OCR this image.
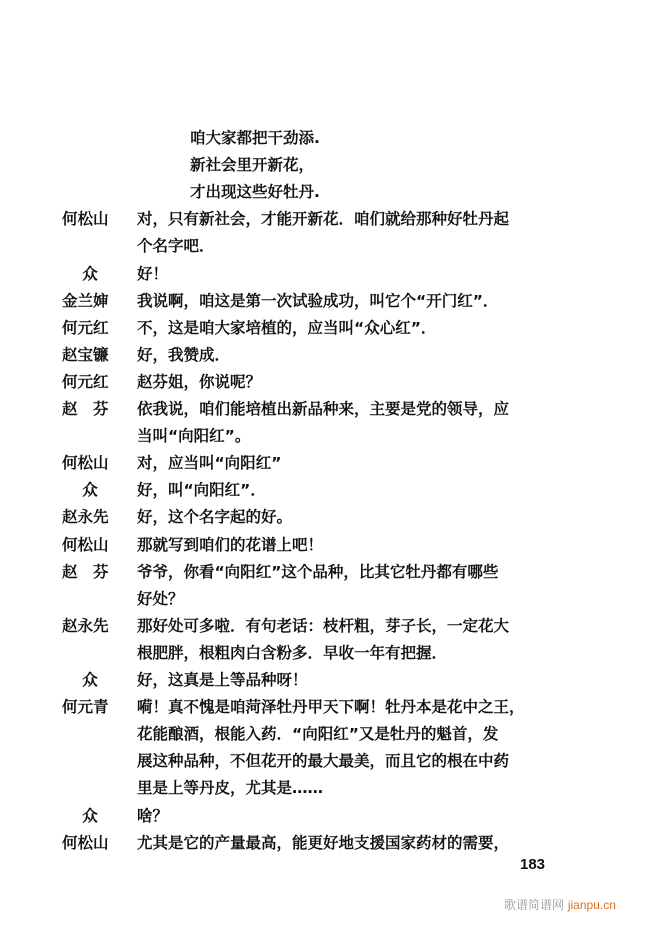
咱大家都把干劲添.
新社会里开新花，
才出现这些好牡丹.
何松山	对，只有新社会，才能开新花．咱们就给那种好牡丹起
个名字吧．
众	好！
金兰婶	我说啊，咱这是第一次试验成功，叫它个“开门红”．
何元红	不，这是咱大家培植的，应当叫“众心红”．
赵宝镰	好，我赞成．
何元红	赵芬姐，你说呢？
赵　芬	依我说，咱们能培植出新品种来，主要是党的领导，应
当叫“向阳红”。
何松山	对，应当叫“向阳红”
众	好，叫“向阳红”．
赵永先	好，这个名字起的好。
何松山	那就写到咱们的花谱上吧！
赵　芬	爷爷，你看“向阳红”这个品种，比其它牡丹都有哪些
好处？
赵永先	那好处可多啦．有句老话：枝杆粗，芽子长，一定花大
根肥胖，根粗肉白含粉多．早收一年有把握．
众	好，这真是上等品种呀！
何元青	嗬！真不愧是咱菏泽牡丹甲天下啊！牡丹本是花中之王，
花能酿酒，根能入药．“向阳红”又是牡丹的魁首，发
展这种品种，不但花开的最大最美，而且它的根在中药
里是上等丹皮，尤其是……
众	啥？
何松山	尤其是它的产量最高，能更好地支援国家药材的需要，
183
歌谱简谱网 jianpu.cn
